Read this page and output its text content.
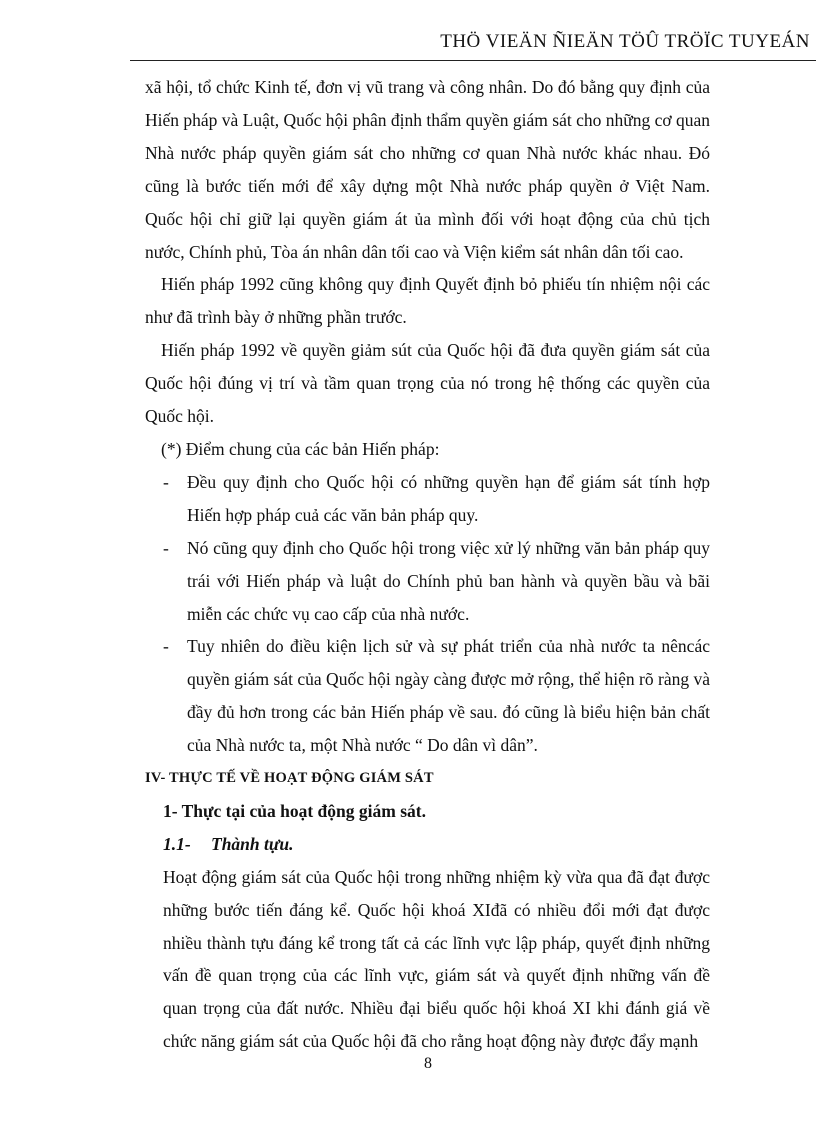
THÖ VIEÄN ÑIEÄN TÖÛ TRÖÏC TUYEÁN

xã hội, tổ chức Kinh tế, đơn vị vũ trang và công nhân. Do đó bằng quy định của Hiến pháp và Luật, Quốc hội phân định thẩm quyền giám sát cho những cơ quan Nhà nước pháp quyền giám sát cho những cơ quan Nhà nước khác nhau. Đó cũng là bước tiến mới để xây dựng một Nhà nước pháp quyền ở Việt Nam. Quốc hội chỉ giữ lại quyền giám át ủa mình đối với hoạt động của chủ tịch nước, Chính phủ, Tòa án nhân dân tối cao và Viện kiểm sát nhân dân tối cao.

Hiến pháp 1992 cũng không quy định Quyết định bỏ phiếu tín nhiệm nội các như đã trình bày ở những phần trước.

Hiến pháp 1992 về quyền giảm sút của Quốc hội đã đưa quyền giám sát của Quốc hội đúng vị trí và tầm quan trọng của nó trong hệ thống các quyền của Quốc hội.

(*) Điểm chung của các bản Hiến pháp:

- Đều quy định cho Quốc hội có những quyền hạn để giám sát tính hợp Hiến hợp pháp cuả các văn bản pháp quy.
- Nó cũng quy định cho Quốc hội trong việc xử lý những văn bản pháp quy trái với Hiến pháp và luật do Chính phủ ban hành và quyền bầu và bãi miễn các chức vụ cao cấp của nhà nước.
- Tuy nhiên do điều kiện lịch sử và sự phát triển của nhà nước ta nêncác quyền giám sát của Quốc hội ngày càng được mở rộng, thể hiện rõ ràng và đầy đủ hơn trong các bản Hiến pháp về sau. đó cũng là biểu hiện bản chất của Nhà nước ta, một Nhà nước “ Do dân vì dân”.

IV- THỰC TẾ VỀ HOẠT ĐỘNG GIÁM SÁT

1- Thực tại của hoạt động giám sát.

1.1- Thành tựu.

Hoạt động giám sát của Quốc hội trong những nhiệm kỳ vừa qua đã đạt được những bước tiến đáng kể. Quốc hội khoá XIđã có nhiều đổi mới đạt được nhiều thành tựu đáng kể trong tất cả các lĩnh vực lập pháp, quyết định những vấn đề quan trọng của các lĩnh vực, giám sát và quyết định những vấn đề quan trọng của đất nước. Nhiều đại biểu quốc hội khoá XI khi đánh giá về chức năng giám sát của Quốc hội đã cho rằng hoạt động này được đẩy mạnh

8
